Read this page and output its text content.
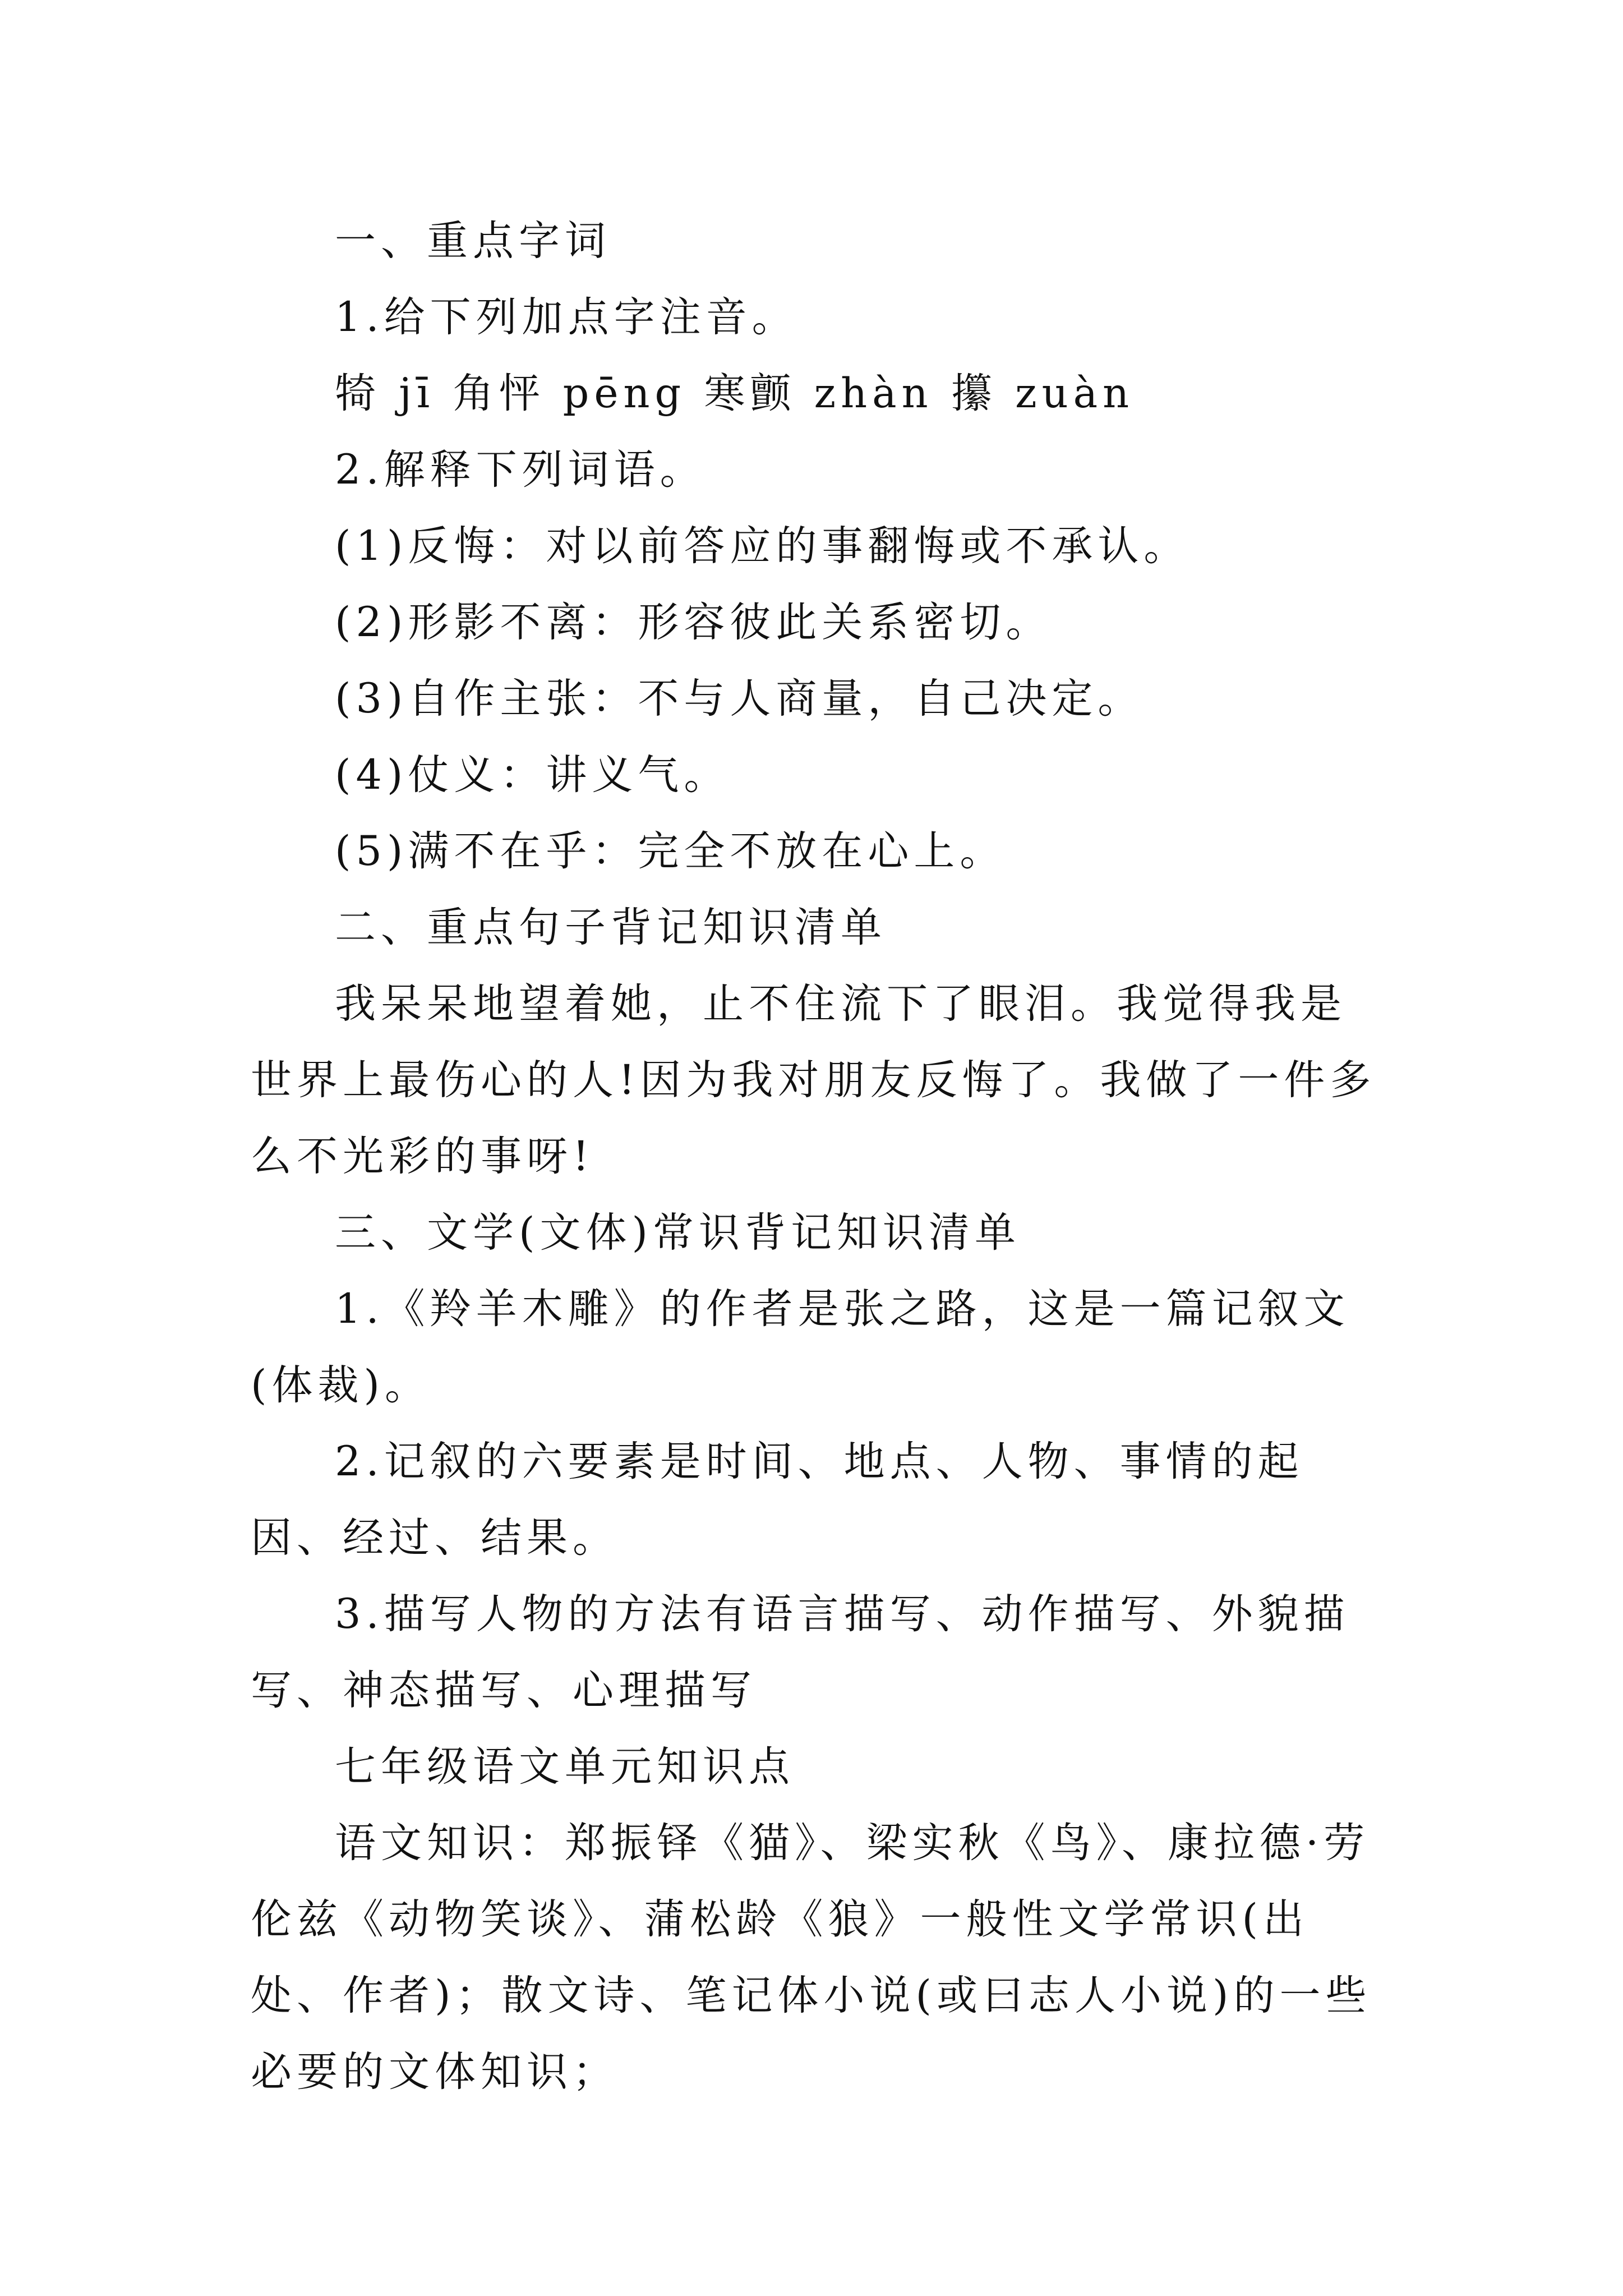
一、重点字词

1.给下列加点字注音。

犄 jī 角怦 pēng 寒颤 zhàn 攥 zuàn

2.解释下列词语。

(1)反悔：对以前答应的事翻悔或不承认。

(2)形影不离：形容彼此关系密切。

(3)自作主张：不与人商量，自己决定。

(4)仗义：讲义气。

(5)满不在乎：完全不放在心上。

二、重点句子背记知识清单

我呆呆地望着她，止不住流下了眼泪。我觉得我是世界上最伤心的人!因为我对朋友反悔了。我做了一件多么不光彩的事呀!

三、文学(文体)常识背记知识清单

1.《羚羊木雕》的作者是张之路，这是一篇记叙文(体裁)。

2.记叙的六要素是时间、地点、人物、事情的起因、经过、结果。

3.描写人物的方法有语言描写、动作描写、外貌描写、神态描写、心理描写

七年级语文单元知识点

语文知识：郑振铎《猫》、梁实秋《鸟》、康拉德·劳伦兹《动物笑谈》、蒲松龄《狼》一般性文学常识(出处、作者)；散文诗、笔记体小说(或曰志人小说)的一些必要的文体知识；
